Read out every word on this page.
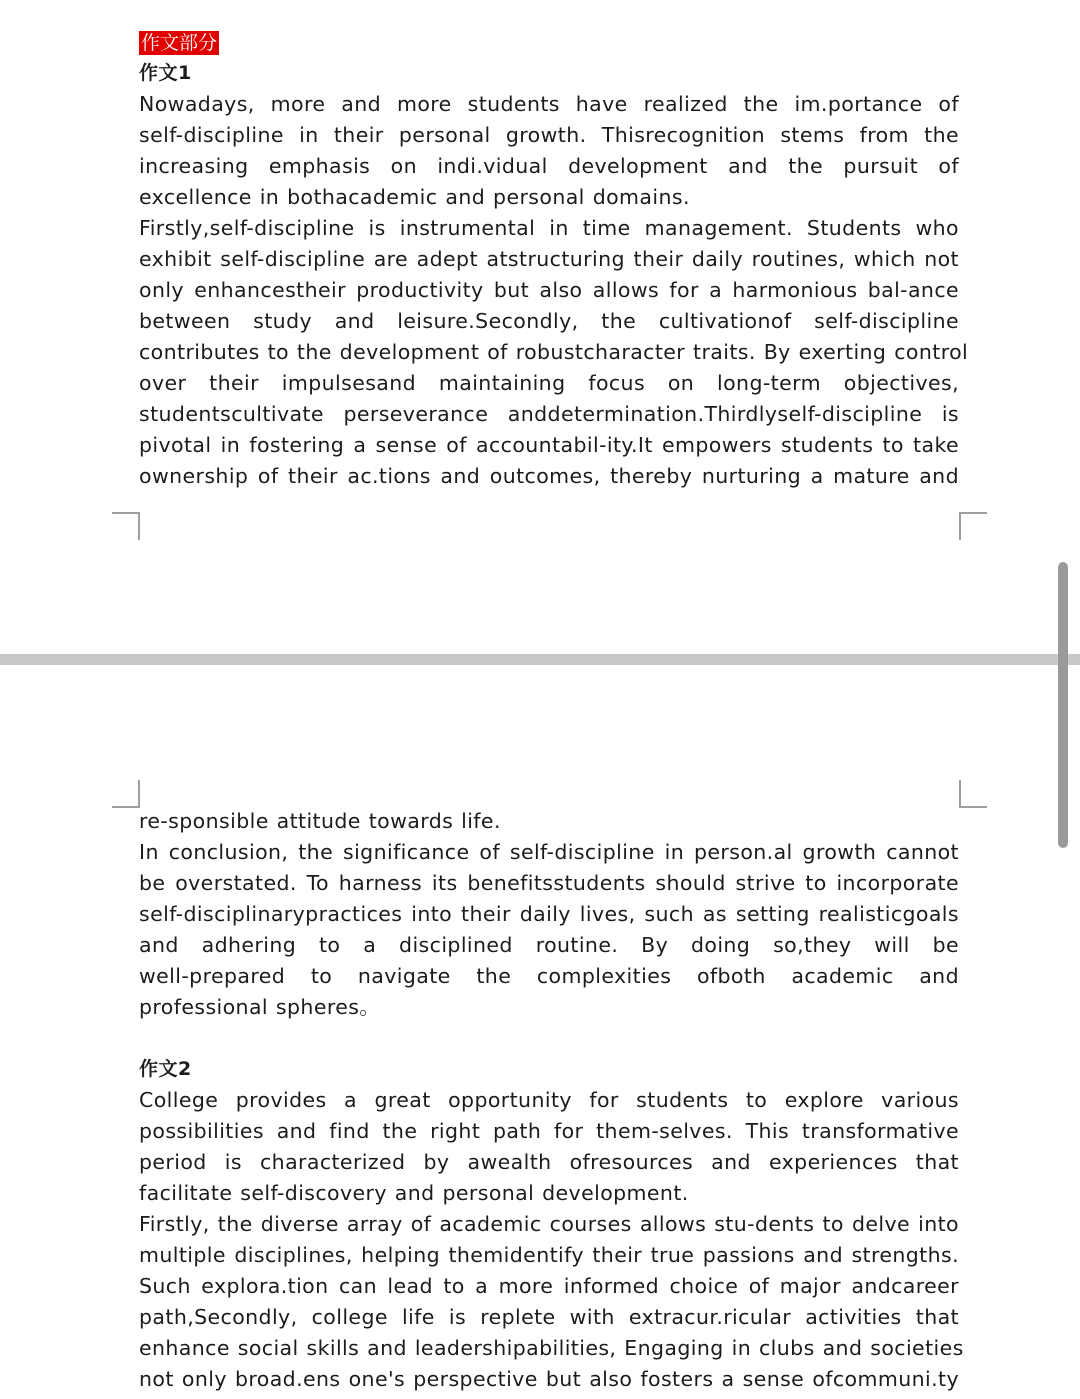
作文部分
作文1
Nowadays, more and more students have realized the im.portance of
self-discipline in their personal growth. Thisrecognition stems from the
increasing emphasis on indi.vidual development and the pursuit of
excellence in bothacademic and personal domains.
Firstly,self-discipline is instrumental in time management. Students who
exhibit self-discipline are adept atstructuring their daily routines, which not
only enhancestheir productivity but also allows for a harmonious bal-ance
between study and leisure.Secondly, the cultivationof self-discipline
contributes to the development of robustcharacter traits. By exerting control
over their impulsesand maintaining focus on long-term objectives,
studentscultivate perseverance anddetermination.Thirdlyself-discipline is
pivotal in fostering a sense of accountabil-ity.It empowers students to take
ownership of their ac.tions and outcomes, thereby nurturing a mature and
re-sponsible attitude towards life.
In conclusion, the significance of self-discipline in person.al growth cannot
be overstated. To harness its benefitsstudents should strive to incorporate
self-disciplinarypractices into their daily lives, such as setting realisticgoals
and adhering to a disciplined routine. By doing so,they will be
well-prepared to navigate the complexities ofboth academic and
professional spheres。
作文2
College provides a great opportunity for students to explore various
possibilities and find the right path for them-selves. This transformative
period is characterized by awealth ofresources and experiences that
facilitate self-discovery and personal development.
Firstly, the diverse array of academic courses allows stu-dents to delve into
multiple disciplines, helping themidentify their true passions and strengths.
Such explora.tion can lead to a more informed choice of major andcareer
path,Secondly, college life is replete with extracur.ricular activities that
enhance social skills and leadershipabilities, Engaging in clubs and societies
not only broad.ens one's perspective but also fosters a sense ofcommuni.ty
